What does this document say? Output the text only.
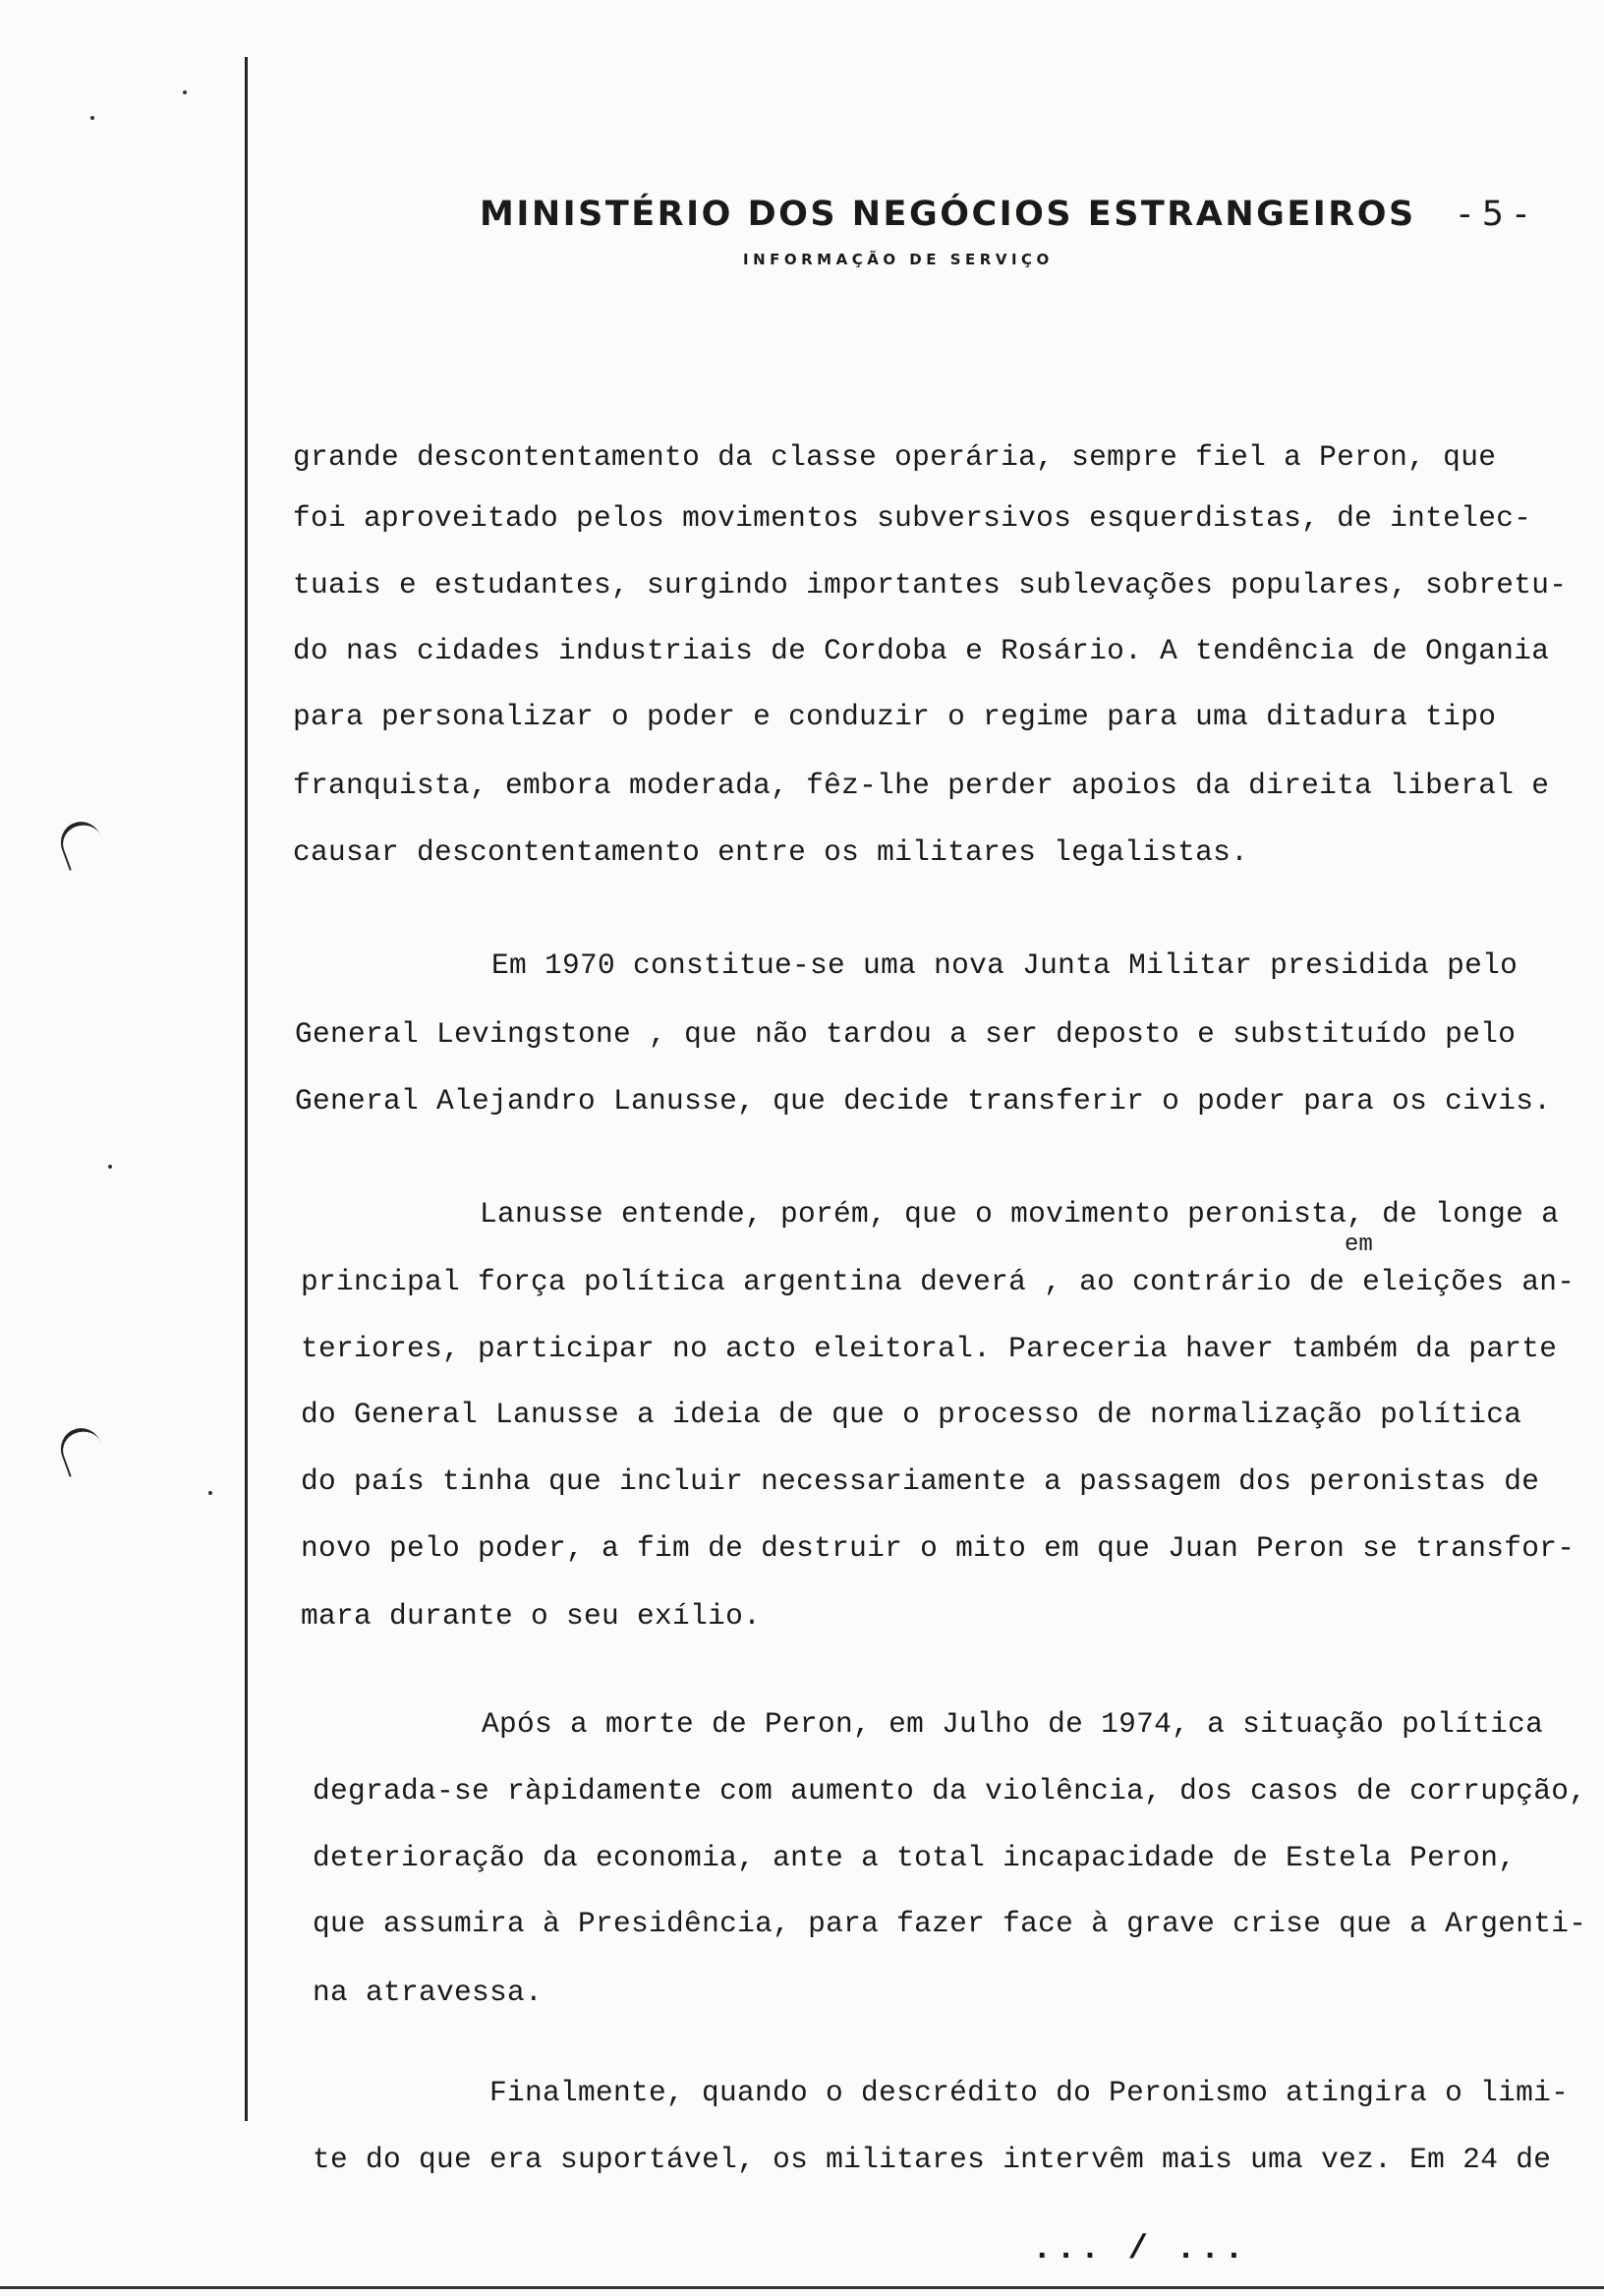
MINISTÉRIO DOS NEGÓCIOS ESTRANGEIROS - 5 -
INFORMAÇÃO DE SERVIÇO
grande descontentamento da classe operária, sempre fiel a Peron, que
foi aproveitado pelos movimentos subversivos esquerdistas, de intelec-
tuais e estudantes, surgindo importantes sublevações populares, sobretu-
do nas cidades industriais de Cordoba e Rosário. A tendência de Ongania
para personalizar o poder e conduzir o regime para uma ditadura tipo
franquista, embora moderada, fêz-lhe perder apoios da direita liberal e
causar descontentamento entre os militares legalistas.
Em 1970 constitue-se uma nova Junta Militar presidida pelo
General Levingstone , que não tardou a ser deposto e substituído pelo
General Alejandro Lanusse, que decide transferir o poder para os civis.
Lanusse entende, porém, que o movimento peronista, de longe a
em
principal força política argentina deverá , ao contrário de eleições an-
teriores, participar no acto eleitoral. Pareceria haver também da parte
do General Lanusse a ideia de que o processo de normalização política
do país tinha que incluir necessariamente a passagem dos peronistas de
novo pelo poder, a fim de destruir o mito em que Juan Peron se transfor-
mara durante o seu exílio.
Após a morte de Peron, em Julho de 1974, a situação política
degrada-se ràpidamente com aumento da violência, dos casos de corrupção,
deterioração da economia, ante a total incapacidade de Estela Peron,
que assumira à Presidência, para fazer face à grave crise que a Argenti-
na atravessa.
Finalmente, quando o descrédito do Peronismo atingira o limi-
te do que era suportável, os militares intervêm mais uma vez. Em 24 de
... / ...
